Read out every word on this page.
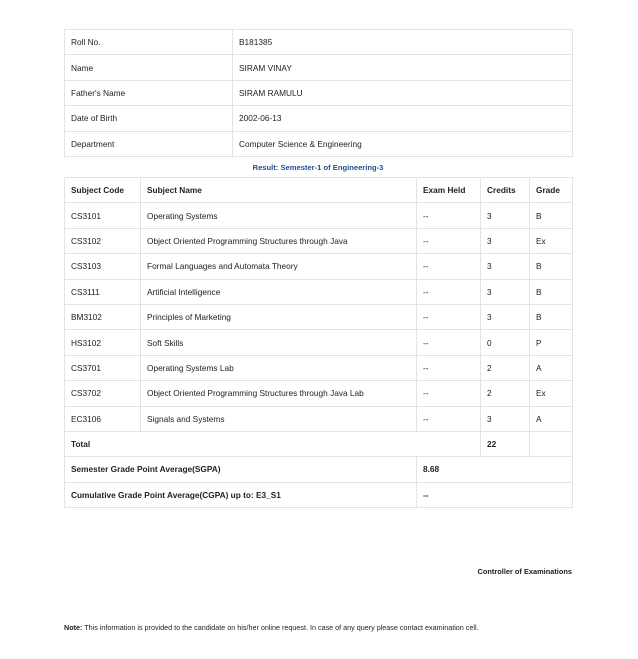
Roll No.	B181385
Name	SIRAM VINAY
Father's Name	SIRAM RAMULU
Date of Birth	2002-06-13
Department	Computer Science & Engineering

Result: Semester-1 of Engineering-3

Subject Code	Subject Name	Exam Held	Credits	Grade
CS3101	Operating Systems	--	3	B
CS3102	Object Oriented Programming Structures through Java	--	3	Ex
CS3103	Formal Languages and Automata Theory	--	3	B
CS3111	Artificial Intelligence	--	3	B
BM3102	Principles of Marketing	--	3	B
HS3102	Soft Skills	--	0	P
CS3701	Operating Systems Lab	--	2	A
CS3702	Object Oriented Programming Structures through Java Lab	--	2	Ex
EC3106	Signals and Systems	--	3	A
Total			22	
Semester Grade Point Average(SGPA)		8.68		
Cumulative Grade Point Average(CGPA) up to: E3_S1		--		
Controller of Examinations
Note: This information is provided to the candidate on his/her online request. In case of any query please contact examination cell.
